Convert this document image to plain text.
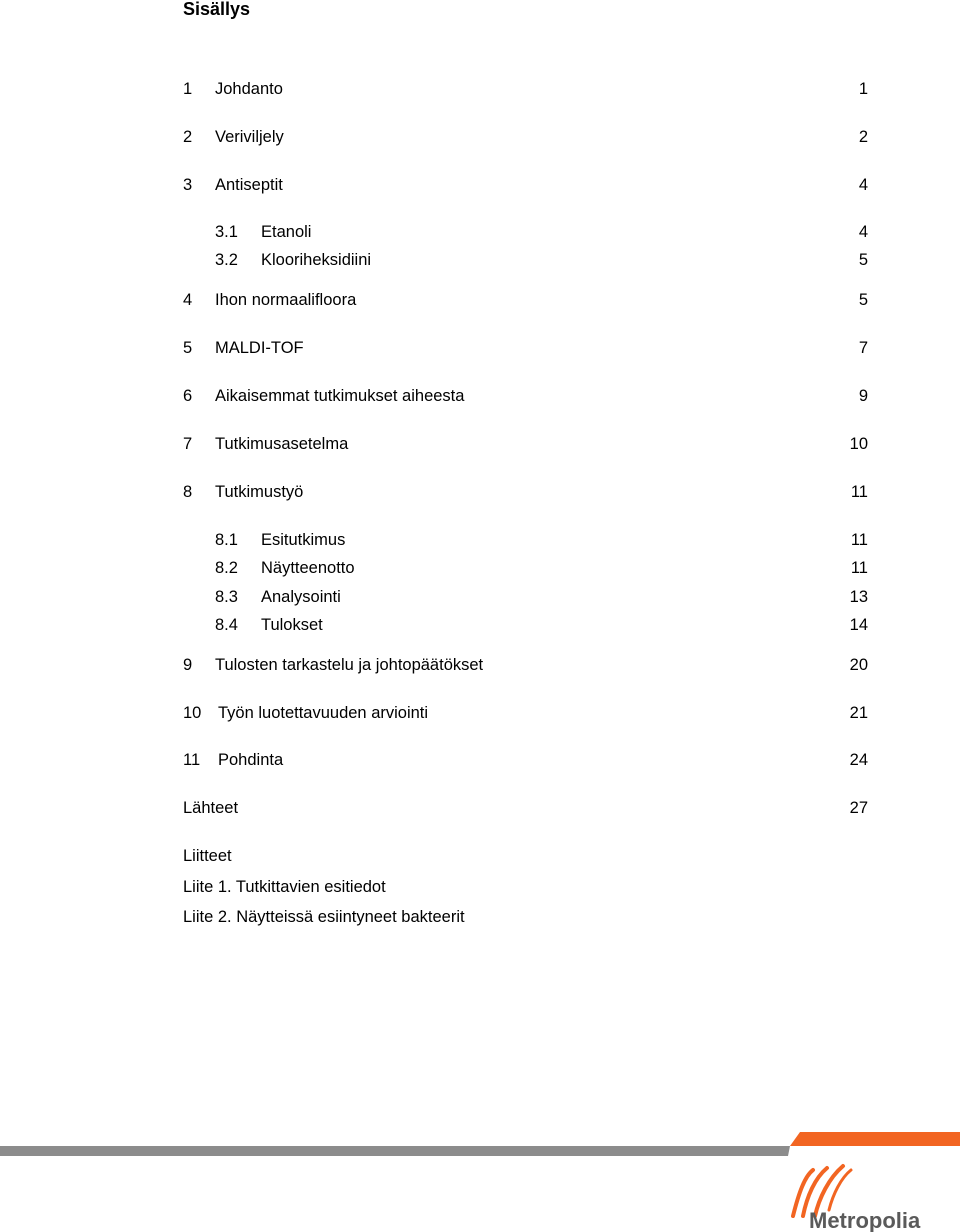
Sisällys
1 Johdanto	1
2 Veriviljely	2
3 Antiseptit	4
3.1 Etanoli	4
3.2 Klooriheksidiini	5
4 Ihon normaalifloora	5
5 MALDI-TOF	7
6 Aikaisemmat tutkimukset aiheesta	9
7 Tutkimusasetelma	10
8 Tutkimustyö	11
8.1 Esitutkimus	11
8.2 Näytteenotto	11
8.3 Analysointi	13
8.4 Tulokset	14
9 Tulosten tarkastelu ja johtopäätökset	20
10 Työn luotettavuuden arviointi	21
11 Pohdinta	24
Lähteet	27
Liitteet
Liite 1. Tutkittavien esitiedot
Liite 2. Näytteissä esiintyneet bakteerit
Metropolia
